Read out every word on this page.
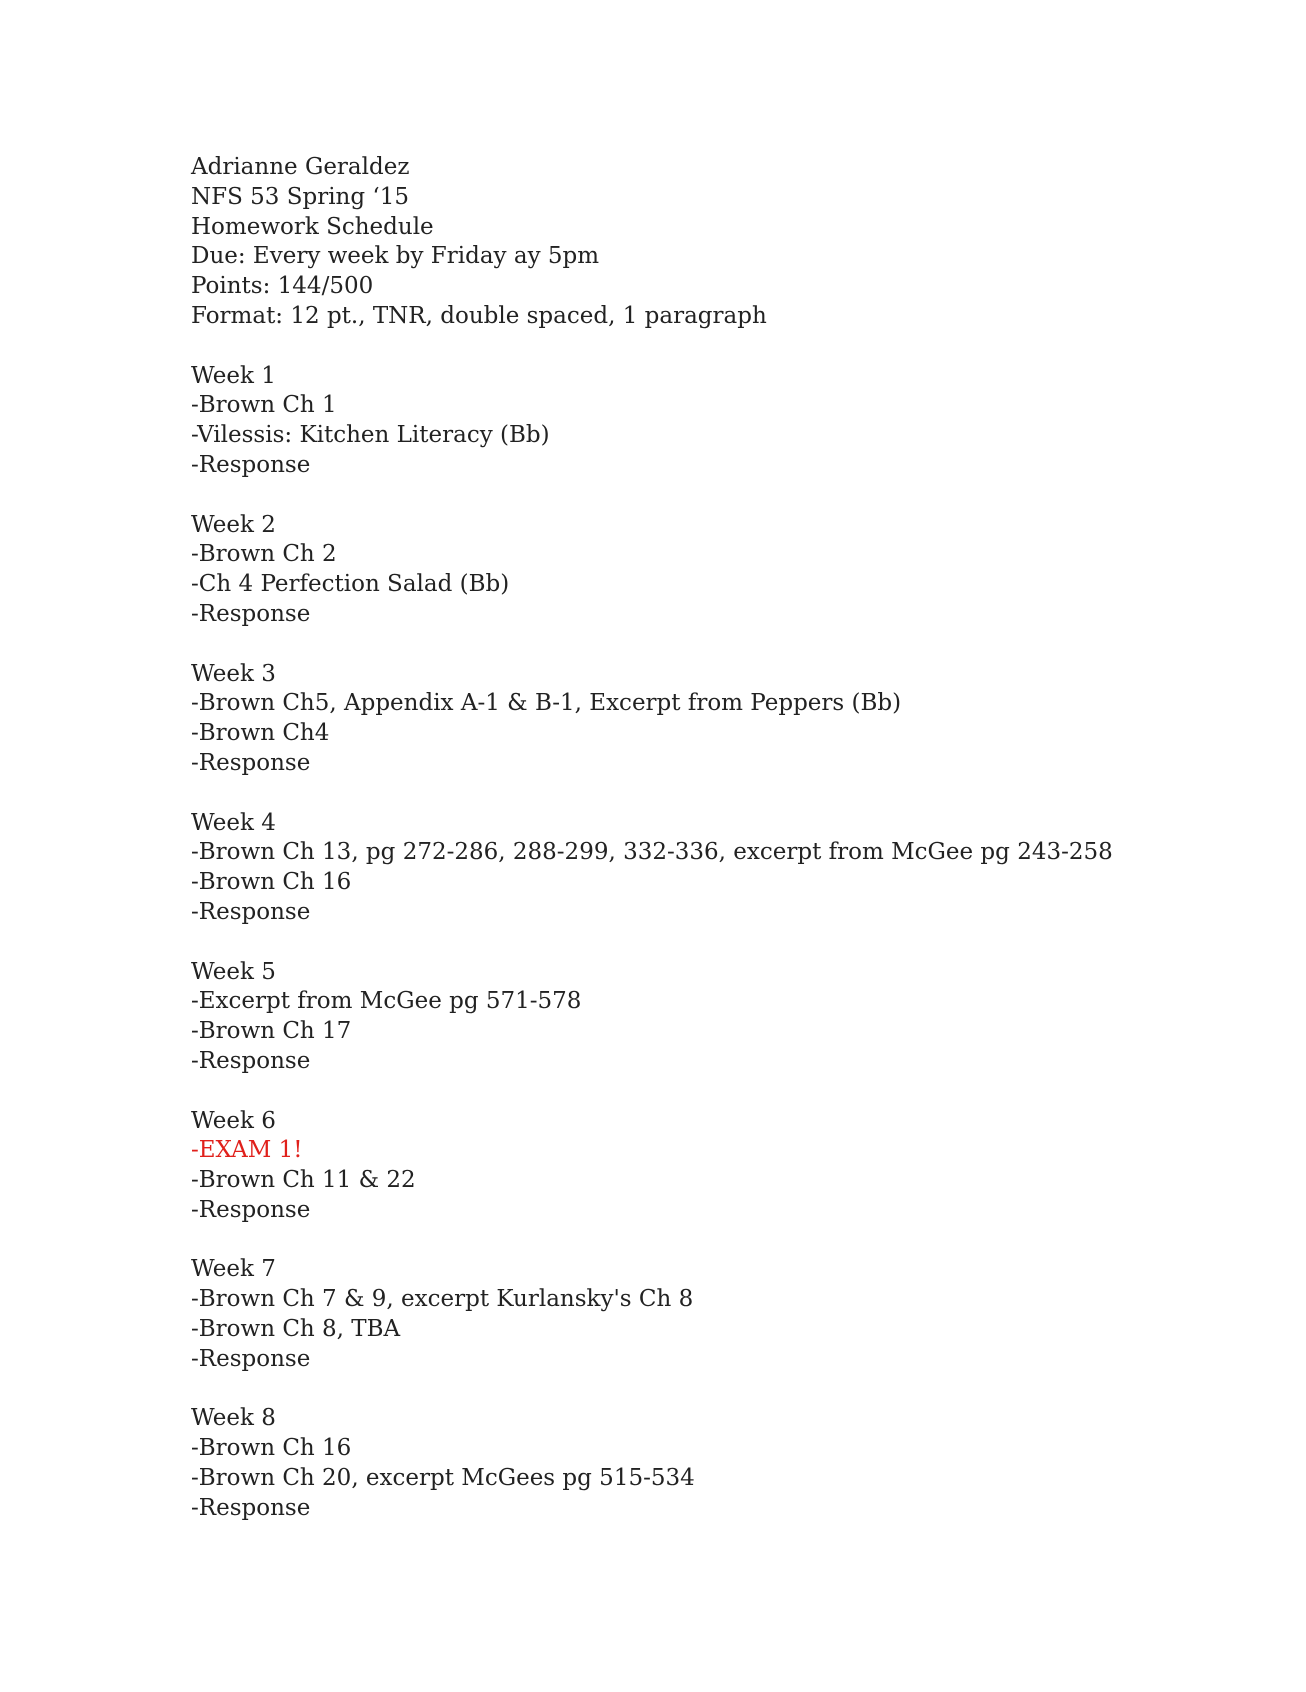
Adrianne Geraldez
NFS 53 Spring ‘15
Homework Schedule
Due: Every week by Friday ay 5pm
Points: 144/500
Format: 12 pt., TNR, double spaced, 1 paragraph
Week 1
-Brown Ch 1
-Vilessis: Kitchen Literacy (Bb)
-Response
Week 2
-Brown Ch 2
-Ch 4 Perfection Salad (Bb)
-Response
Week 3
-Brown Ch5, Appendix A-1 & B-1, Excerpt from Peppers (Bb)
-Brown Ch4
-Response
Week 4
-Brown Ch 13, pg 272-286, 288-299, 332-336, excerpt from McGee pg 243-258
-Brown Ch 16
-Response
Week 5
-Excerpt from McGee pg 571-578
-Brown Ch 17
-Response
Week 6
-EXAM 1!
-Brown Ch 11 & 22
-Response
Week 7
-Brown Ch 7 & 9, excerpt Kurlansky's Ch 8
-Brown Ch 8, TBA
-Response
Week 8
-Brown Ch 16
-Brown Ch 20, excerpt McGees pg 515-534
-Response
